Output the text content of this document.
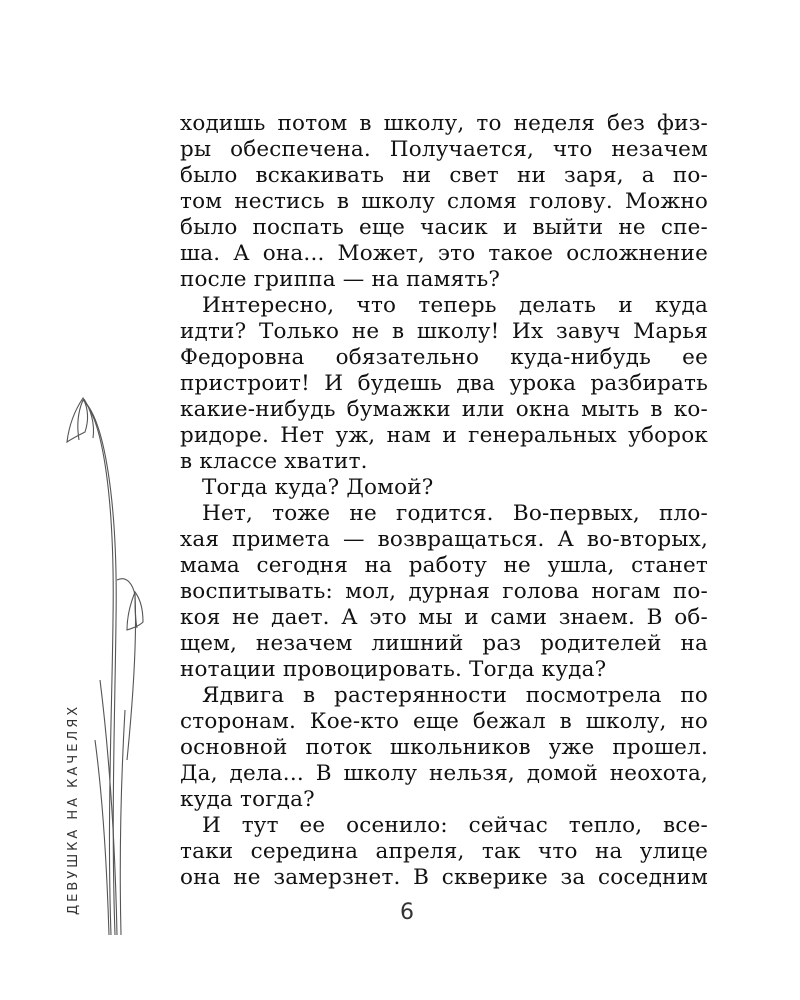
ДЕВУШКА НА КАЧЕЛЯХ
ходишь потом в школу, то неделя без физ-
ры обеспечена. Получается, что незачем
было вскакивать ни свет ни заря, а по-
том нестись в школу сломя голову. Можно
было поспать еще часик и выйти не спе-
ша. А она... Может, это такое осложнение
после гриппа — на память?
Интересно, что теперь делать и куда
идти? Только не в школу! Их завуч Марья
Федоровна обязательно куда-нибудь ее
пристроит! И будешь два урока разбирать
какие-нибудь бумажки или окна мыть в ко-
ридоре. Нет уж, нам и генеральных уборок
в классе хватит.
Тогда куда? Домой?
Нет, тоже не годится. Во-первых, пло-
хая примета — возвращаться. А во-вторых,
мама сегодня на работу не ушла, станет
воспитывать: мол, дурная голова ногам по-
коя не дает. А это мы и сами знаем. В об-
щем, незачем лишний раз родителей на
нотации провоцировать. Тогда куда?
Ядвига в растерянности посмотрела по
сторонам. Кое-кто еще бежал в школу, но
основной поток школьников уже прошел.
Да, дела... В школу нельзя, домой неохота,
куда тогда?
И тут ее осенило: сейчас тепло, все-
таки середина апреля, так что на улице
она не замерзнет. В скверике за соседним
6
